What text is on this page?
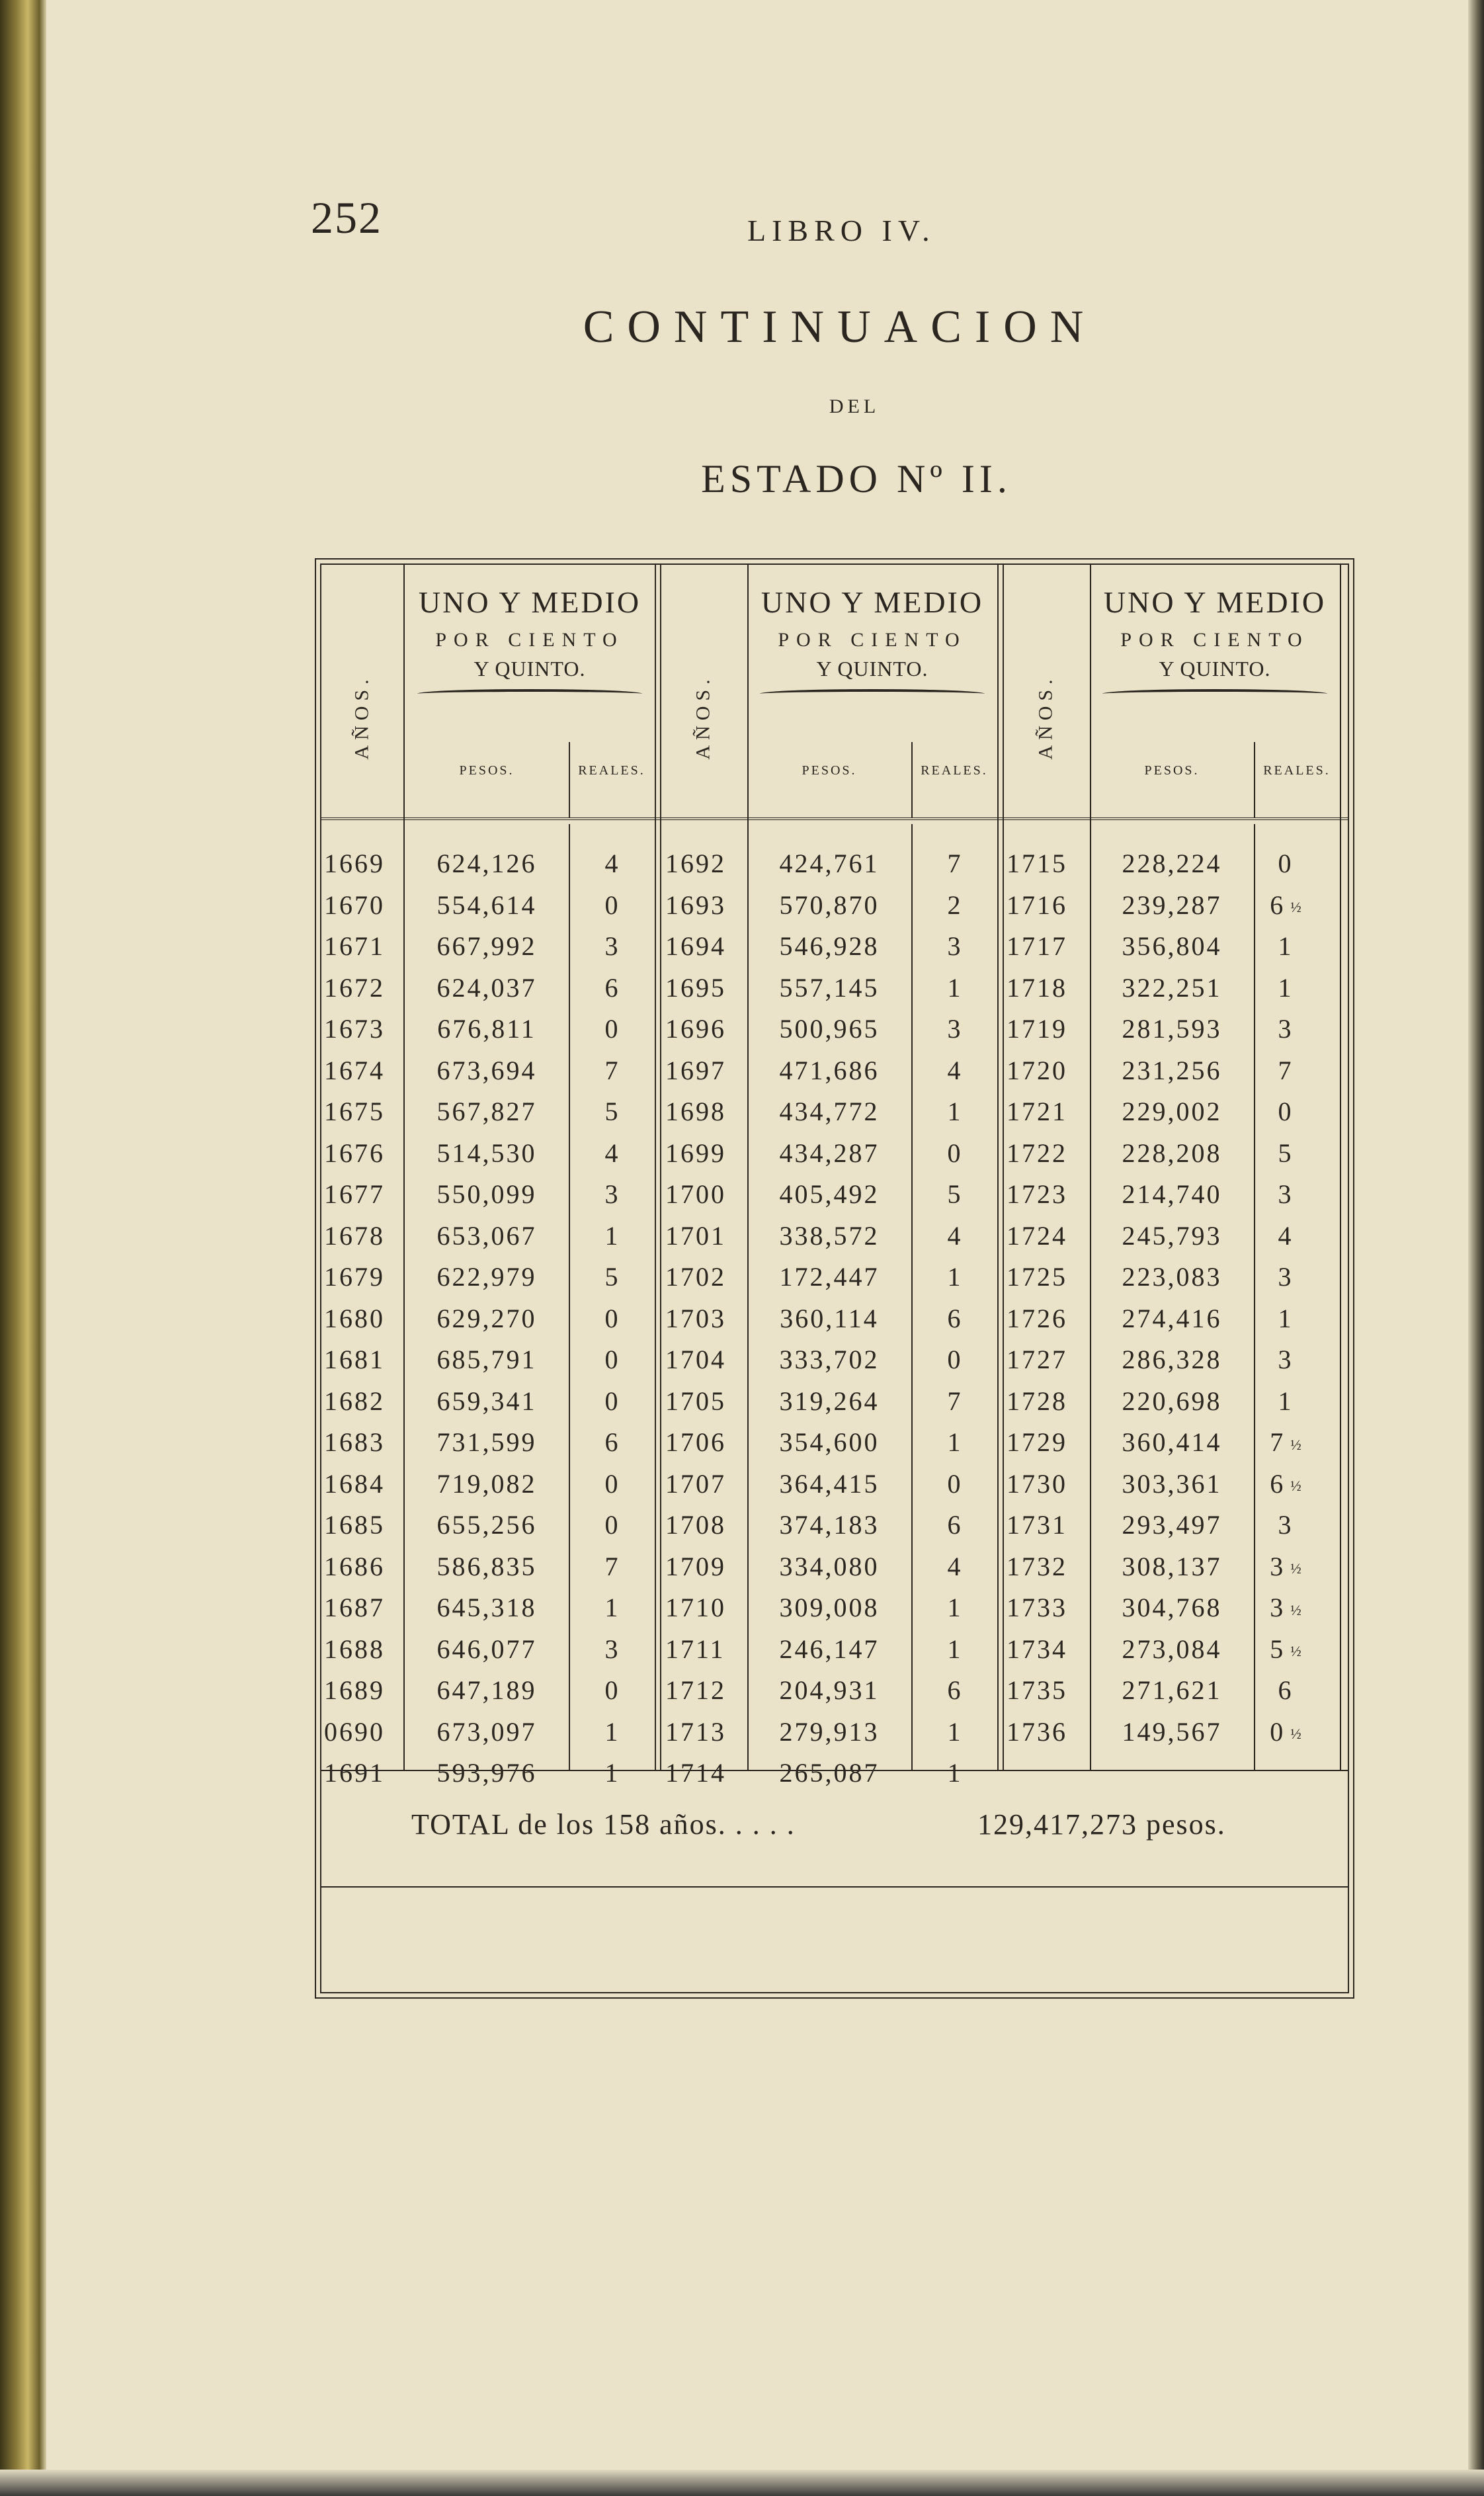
252	LIBRO IV.
CONTINUACION
DEL
ESTADO Nº II.
AÑOS.	AÑOS.	AÑOS.
UNO Y MEDIO
POR CIENTO
Y QUINTO.
UNO Y MEDIO
POR CIENTO
Y QUINTO.
UNO Y MEDIO
POR CIENTO
Y QUINTO.
PESOS.	REALES.	PESOS.	REALES.	PESOS.	REALES.
1669	624,126	4	1692	424,761	7	1715	228,224	0
1670	554,614	0	1693	570,870	2	1716	239,287	6 ½
1671	667,992	3	1694	546,928	3	1717	356,804	1
1672	624,037	6	1695	557,145	1	1718	322,251	1
1673	676,811	0	1696	500,965	3	1719	281,593	3
1674	673,694	7	1697	471,686	4	1720	231,256	7
1675	567,827	5	1698	434,772	1	1721	229,002	0
1676	514,530	4	1699	434,287	0	1722	228,208	5
1677	550,099	3	1700	405,492	5	1723	214,740	3
1678	653,067	1	1701	338,572	4	1724	245,793	4
1679	622,979	5	1702	172,447	1	1725	223,083	3
1680	629,270	0	1703	360,114	6	1726	274,416	1
1681	685,791	0	1704	333,702	0	1727	286,328	3
1682	659,341	0	1705	319,264	7	1728	220,698	1
1683	731,599	6	1706	354,600	1	1729	360,414	7 ½
1684	719,082	0	1707	364,415	0	1730	303,361	6 ½
1685	655,256	0	1708	374,183	6	1731	293,497	3
1686	586,835	7	1709	334,080	4	1732	308,137	3 ½
1687	645,318	1	1710	309,008	1	1733	304,768	3 ½
1688	646,077	3	1711	246,147	1	1734	273,084	5 ½
1689	647,189	0	1712	204,931	6	1735	271,621	6
0690	673,097	1	1713	279,913	1	1736	149,567	0 ½
1691	593,976	1	1714	265,087	1
TOTAL de los 158 años. . . . .	129,417,273 pesos.
